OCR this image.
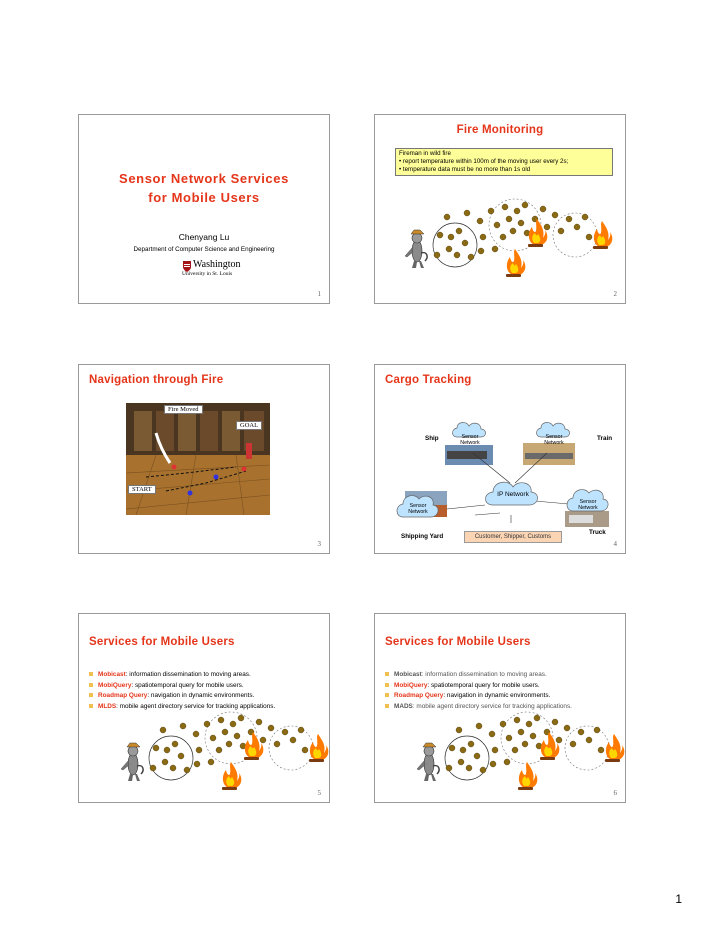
Sensor Network Services
for Mobile Users
Chenyang Lu
Department of Computer Science and Engineering
Washington
University in St. Louis
1
Fire Monitoring
Fireman in wild fire
• report temperature within 100m of the moving user every 2s;
• temperature data must be no more than 1s old
2
Navigation through Fire
Fire Moved
GOAL
START
3
Cargo Tracking
Sensor Network
Sensor Network
IP Network
Sensor Network
Sensor Network
Ship	Train
Truck
Shipping Yard	Customer, Shipper, Customs
4
Services for Mobile Users
Mobicast: information dissemination to moving areas.
MobiQuery: spatiotemporal query for mobile users.
Roadmap Query: navigation in dynamic environments.
MLDS: mobile agent directory service for tracking applications.
5
Services for Mobile Users
Mobicast: information dissemination to moving areas.
MobiQuery: spatiotemporal query for mobile users.
Roadmap Query: navigation in dynamic environments.
MADS: mobile agent directory service for tracking applications.
6
1
